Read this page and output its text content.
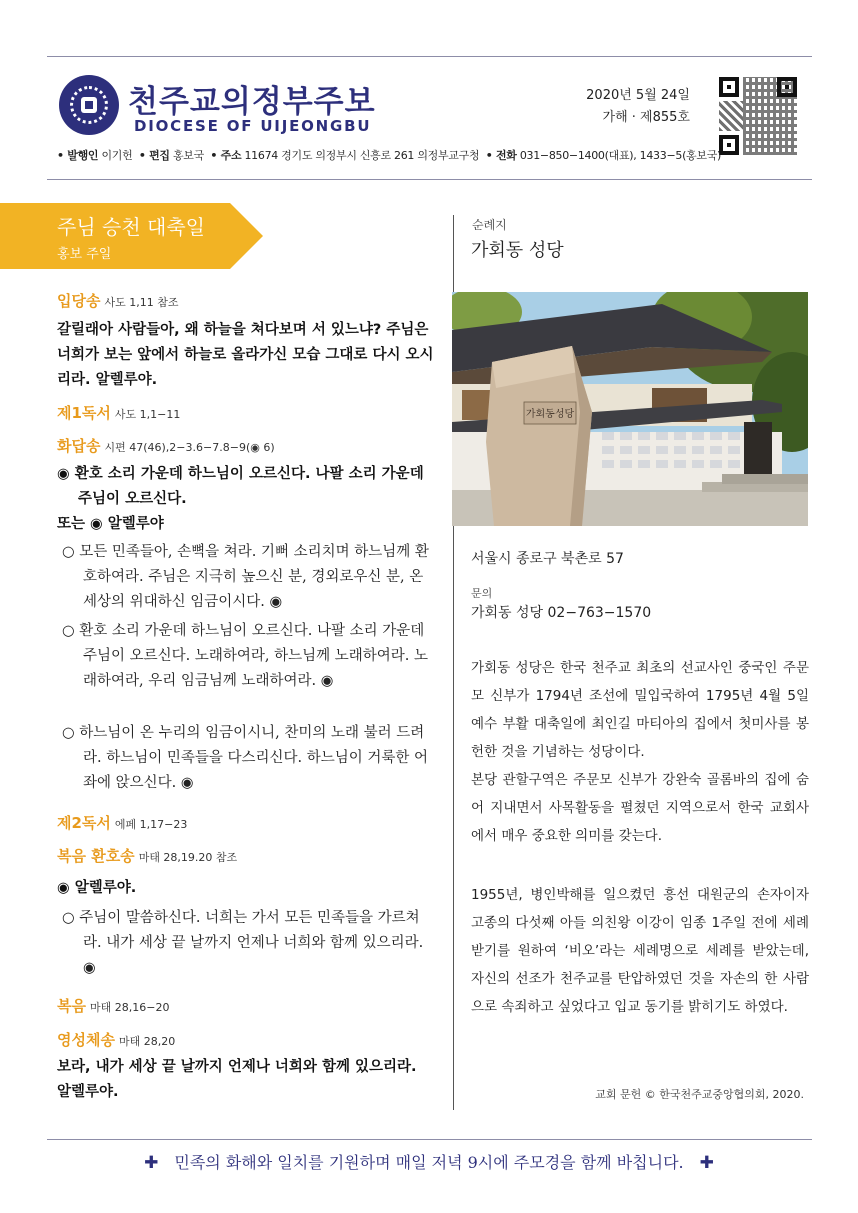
천주교의정부주보
DIOCESE OF UIJEONGBU
2020년 5월 24일
가해 · 제855호
• 발행인 이기헌 • 편집 홍보국 • 주소 11674 경기도 의정부시 신흥로 261 의정부교구청 • 전화 031−850−1400(대표), 1433−5(홍보국)
주님 승천 대축일
홍보 주일
입당송 사도 1,11 참조
갈릴래아 사람들아, 왜 하늘을 쳐다보며 서 있느냐? 주님은 너희가 보는 앞에서 하늘로 올라가신 모습 그대로 다시 오시리라. 알렐루야.
제1독서 사도 1,1−11
화답송 시편 47(46),2−3.6−7.8−9(◉ 6)
◉ 환호 소리 가운데 하느님이 오르신다. 나팔 소리 가운데 주님이 오르신다.
또는 ◉ 알렐루야
○ 모든 민족들아, 손뼉을 쳐라. 기뻐 소리치며 하느님께 환호하여라. 주님은 지극히 높으신 분, 경외로우신 분, 온 세상의 위대하신 임금이시다. ◉
○ 환호 소리 가운데 하느님이 오르신다. 나팔 소리 가운데 주님이 오르신다. 노래하여라, 하느님께 노래하여라. 노래하여라, 우리 임금님께 노래하여라. ◉
○ 하느님이 온 누리의 임금이시니, 찬미의 노래 불러 드려라. 하느님이 민족들을 다스리신다. 하느님이 거룩한 어좌에 앉으신다. ◉
제2독서 에페 1,17−23
복음 환호송 마태 28,19.20 참조
◉ 알렐루야.
○ 주님이 말씀하신다. 너희는 가서 모든 민족들을 가르쳐라. 내가 세상 끝 날까지 언제나 너희와 함께 있으리라. ◉
복음 마태 28,16−20
영성체송 마태 28,20
보라, 내가 세상 끝 날까지 언제나 너희와 함께 있으리라. 알렐루야.
순례지
가회동 성당
가회동성당
서울시 종로구 북촌로 57
문의
가회동 성당 02−763−1570
가회동 성당은 한국 천주교 최초의 선교사인 중국인 주문모 신부가 1794년 조선에 밀입국하여 1795년 4월 5일 예수 부활 대축일에 최인길 마티아의 집에서 첫미사를 봉헌한 것을 기념하는 성당이다.
본당 관할구역은 주문모 신부가 강완숙 골롬바의 집에 숨어 지내면서 사목활동을 펼쳤던 지역으로서 한국 교회사에서 매우 중요한 의미를 갖는다.
1955년, 병인박해를 일으켰던 흥선 대원군의 손자이자 고종의 다섯째 아들 의친왕 이강이 임종 1주일 전에 세례받기를 원하여 ‘비오’라는 세례명으로 세례를 받았는데, 자신의 선조가 천주교를 탄압하였던 것을 자손의 한 사람으로 속죄하고 싶었다고 입교 동기를 밝히기도 하였다.
교회 문헌 © 한국천주교중앙협의회, 2020.
✚ 민족의 화해와 일치를 기원하며 매일 저녁 9시에 주모경을 함께 바칩니다. ✚
